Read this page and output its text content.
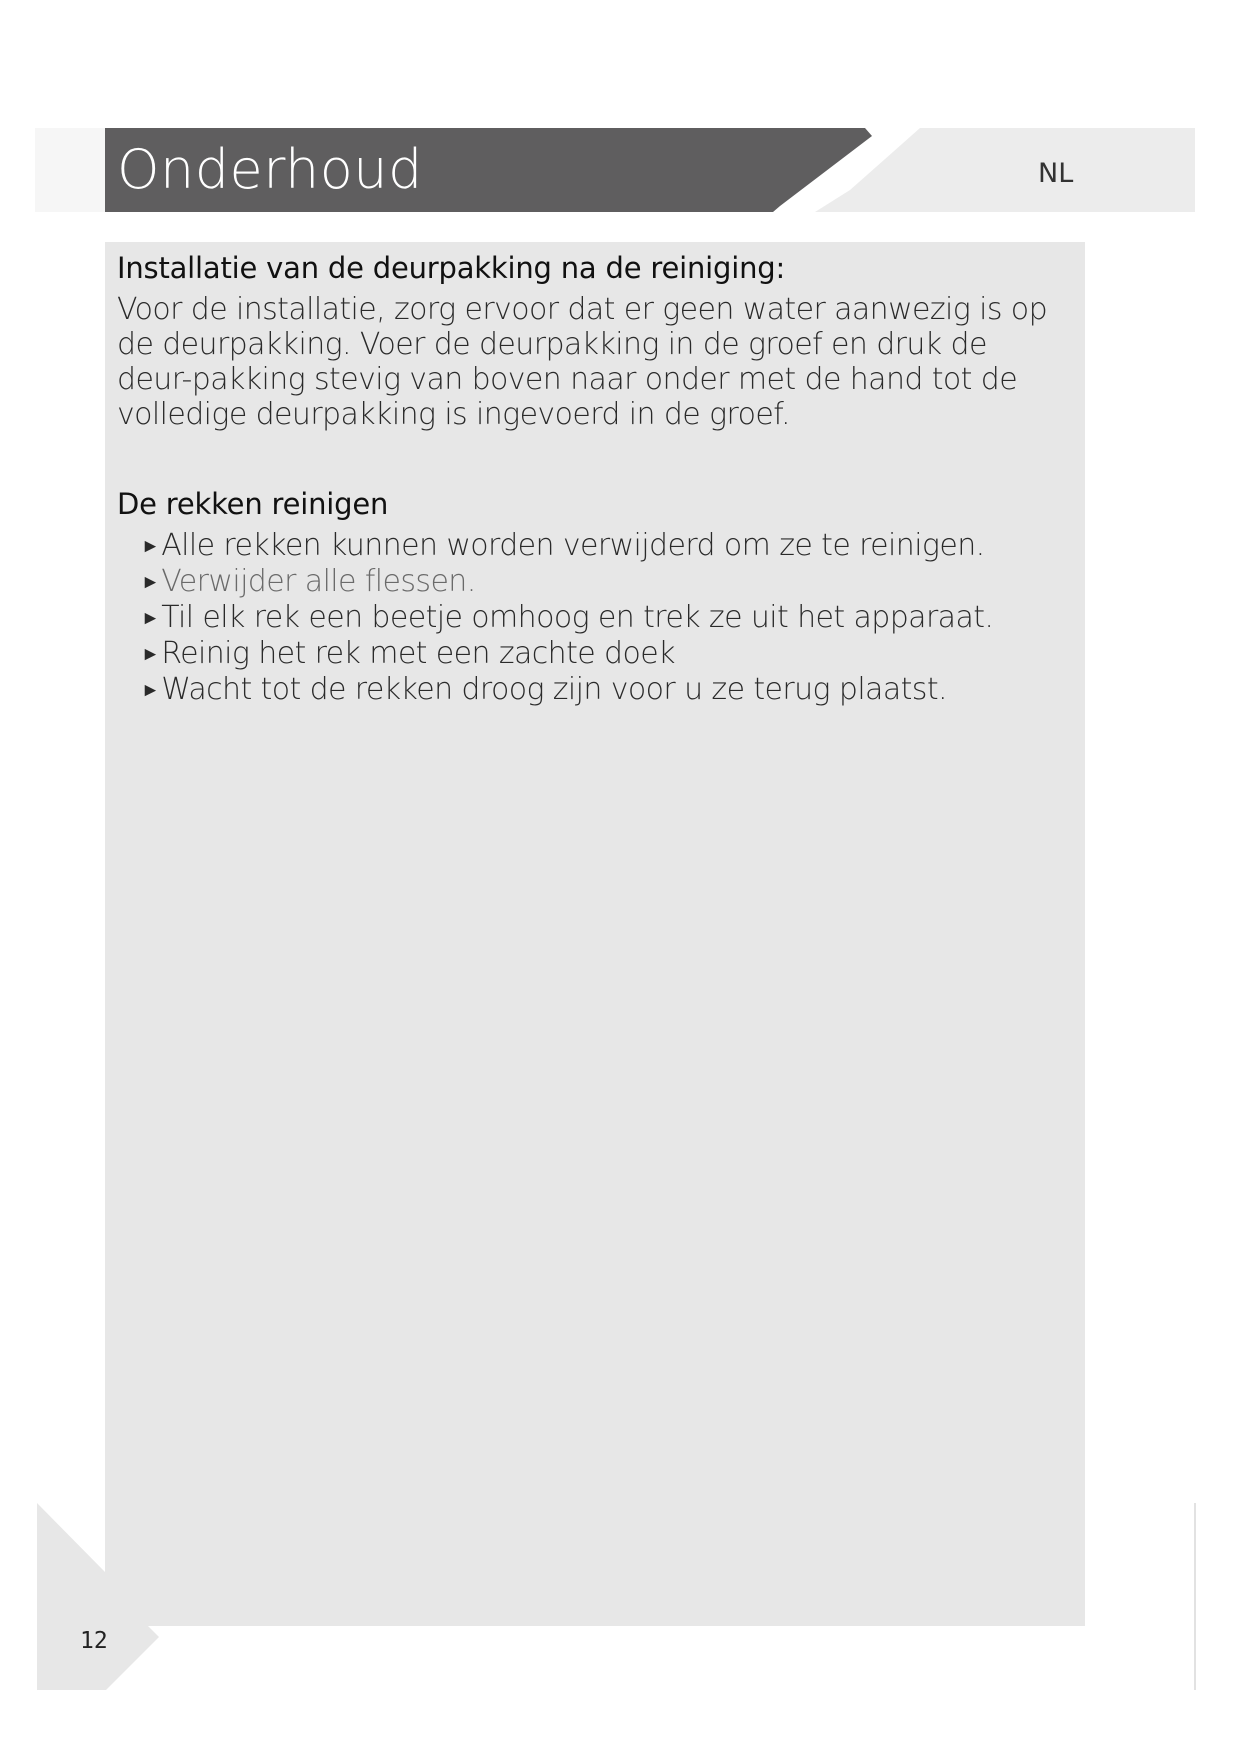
Onderhoud	NL
Installatie van de deurpakking na de reiniging:

Voor de installatie, zorg ervoor dat er geen water aanwezig is op de deurpakking. Voer de deurpakking in de groef en druk de deur-pakking stevig van boven naar onder met de hand tot de volledige deurpakking is ingevoerd in de groef.

De rekken reinigen
►Alle rekken kunnen worden verwijderd om ze te reinigen.
►Verwijder alle flessen.
►Til elk rek een beetje omhoog en trek ze uit het apparaat.
►Reinig het rek met een zachte doek
►Wacht tot de rekken droog zijn voor u ze terug plaatst.
12
